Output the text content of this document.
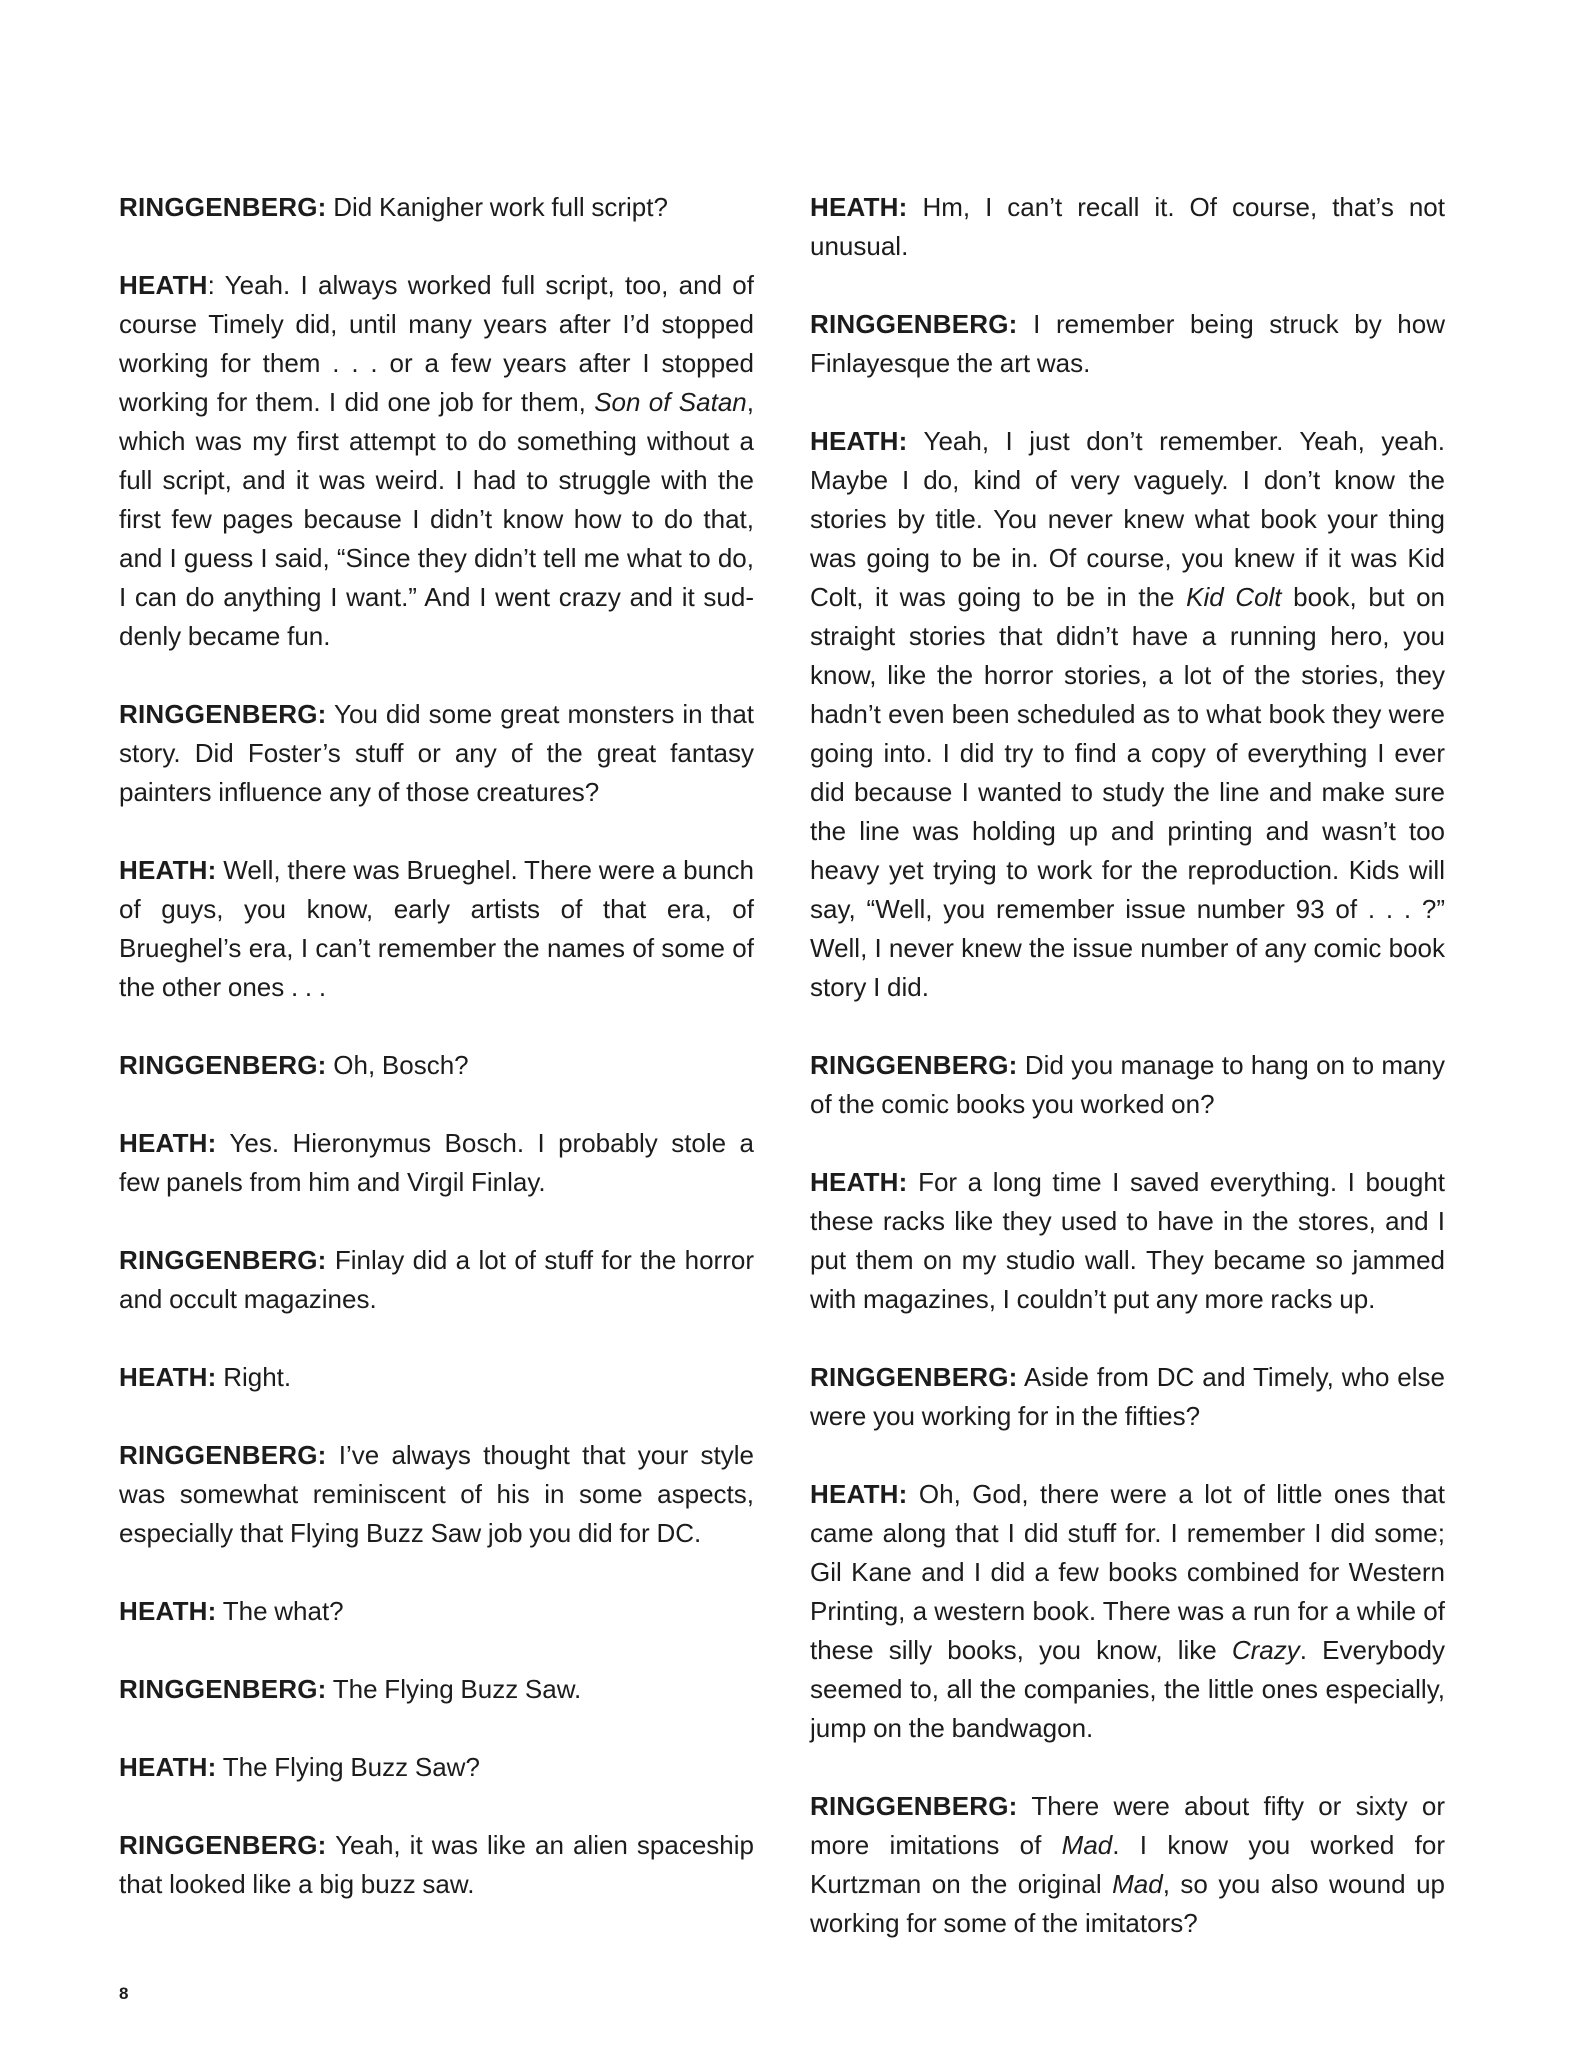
RINGGENBERG: Did Kanigher work full script?

HEATH: Yeah. I always worked full script, too, and of course Timely did, until many years after I’d stopped working for them . . . or a few years after I stopped working for them. I did one job for them, Son of Satan, which was my first attempt to do something without a full script, and it was weird. I had to struggle with the first few pages because I didn’t know how to do that, and I guess I said, “Since they didn’t tell me what to do, I can do anything I want.” And I went crazy and it suddenly became fun.

RINGGENBERG: You did some great monsters in that story. Did Foster’s stuff or any of the great fantasy painters influence any of those creatures?

HEATH: Well, there was Brueghel. There were a bunch of guys, you know, early artists of that era, of Brueghel’s era, I can’t remember the names of some of the other ones . . .

RINGGENBERG: Oh, Bosch?

HEATH: Yes. Hieronymus Bosch. I probably stole a few panels from him and Virgil Finlay.

RINGGENBERG: Finlay did a lot of stuff for the horror and occult magazines.

HEATH: Right.

RINGGENBERG: I’ve always thought that your style was somewhat reminiscent of his in some aspects, especially that Flying Buzz Saw job you did for DC.

HEATH: The what?

RINGGENBERG: The Flying Buzz Saw.

HEATH: The Flying Buzz Saw?

RINGGENBERG: Yeah, it was like an alien spaceship that looked like a big buzz saw.

HEATH: Hm, I can’t recall it. Of course, that’s not unusual.

RINGGENBERG: I remember being struck by how Finlayesque the art was.

HEATH: Yeah, I just don’t remember. Yeah, yeah. Maybe I do, kind of very vaguely. I don’t know the stories by title. You never knew what book your thing was going to be in. Of course, you knew if it was Kid Colt, it was going to be in the Kid Colt book, but on straight stories that didn’t have a running hero, you know, like the horror stories, a lot of the stories, they hadn’t even been scheduled as to what book they were going into. I did try to find a copy of everything I ever did because I wanted to study the line and make sure the line was holding up and printing and wasn’t too heavy yet trying to work for the reproduction. Kids will say, “Well, you remember issue number 93 of . . . ?” Well, I never knew the issue number of any comic book story I did.

RINGGENBERG: Did you manage to hang on to many of the comic books you worked on?

HEATH: For a long time I saved everything. I bought these racks like they used to have in the stores, and I put them on my studio wall. They became so jammed with magazines, I couldn’t put any more racks up.

RINGGENBERG: Aside from DC and Timely, who else were you working for in the fifties?

HEATH: Oh, God, there were a lot of little ones that came along that I did stuff for. I remember I did some; Gil Kane and I did a few books combined for Western Printing, a western book. There was a run for a while of these silly books, you know, like Crazy. Everybody seemed to, all the companies, the little ones especially, jump on the bandwagon.

RINGGENBERG: There were about fifty or sixty or more imitations of Mad. I know you worked for Kurtzman on the original Mad, so you also wound up working for some of the imitators?

8
